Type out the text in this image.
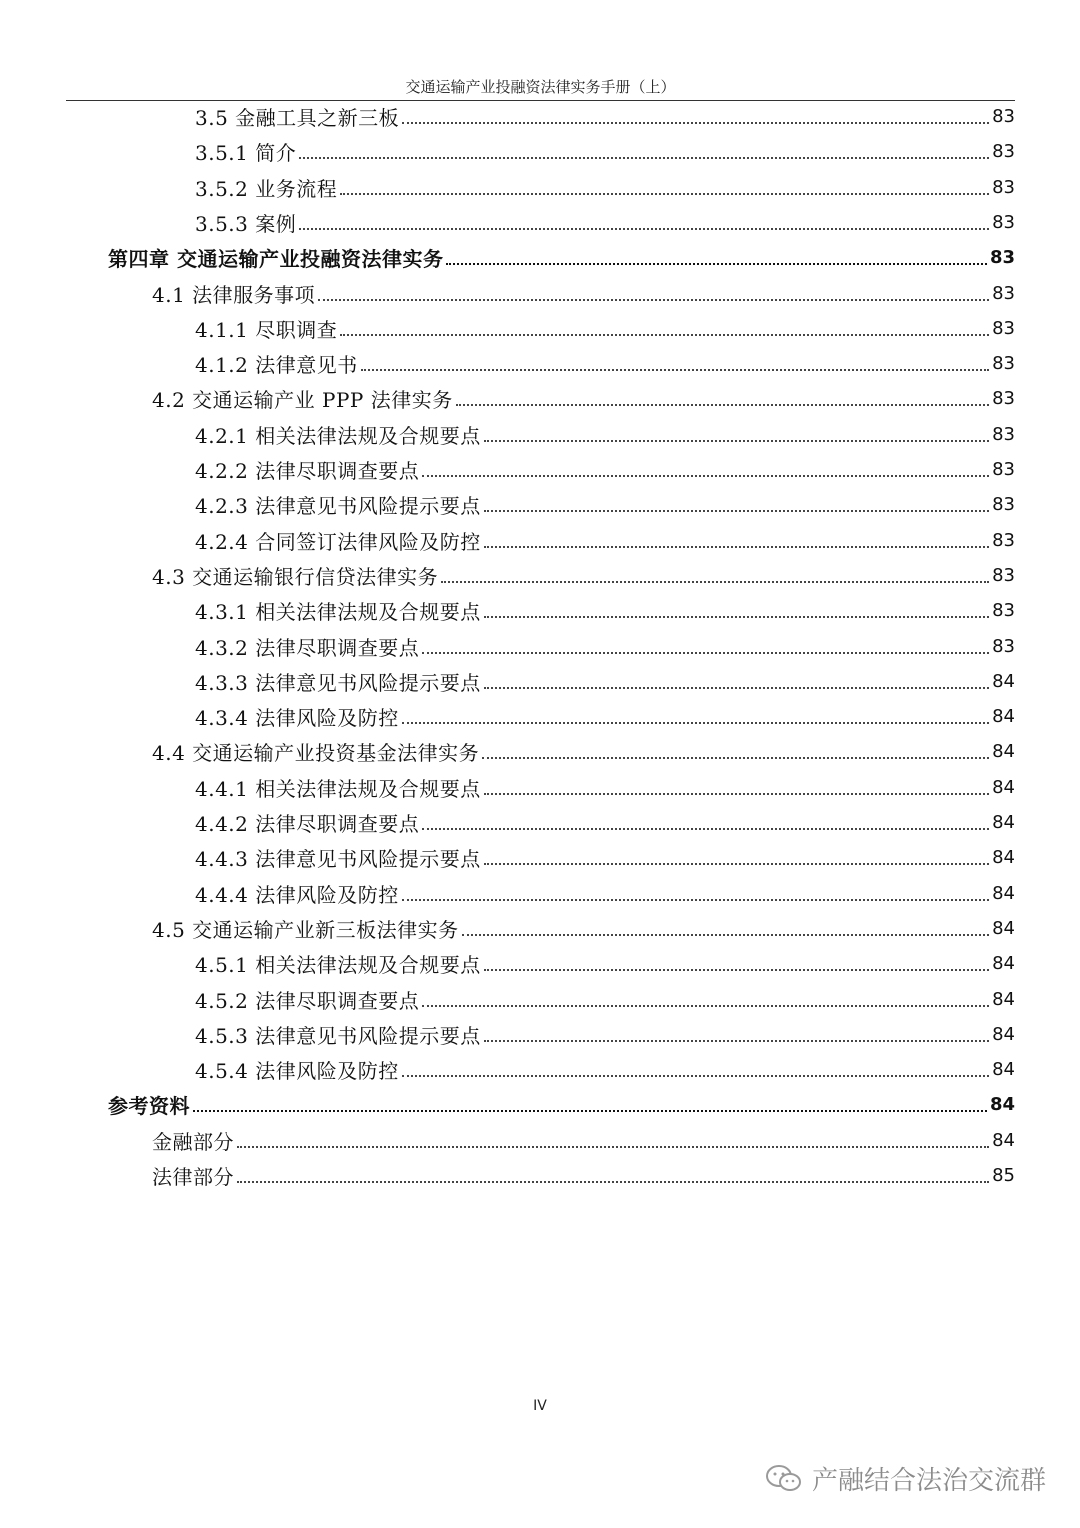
交通运输产业投融资法律实务手册（上）
3.5 金融工具之新三板	83
3.5.1 简介	83
3.5.2 业务流程	83
3.5.3 案例	83
第四章 交通运输产业投融资法律实务	83
4.1 法律服务事项	83
4.1.1 尽职调查	83
4.1.2 法律意见书	83
4.2 交通运输产业 PPP 法律实务	83
4.2.1 相关法律法规及合规要点	83
4.2.2 法律尽职调查要点	83
4.2.3 法律意见书风险提示要点	83
4.2.4 合同签订法律风险及防控	83
4.3 交通运输银行信贷法律实务	83
4.3.1 相关法律法规及合规要点	83
4.3.2 法律尽职调查要点	83
4.3.3 法律意见书风险提示要点	84
4.3.4 法律风险及防控	84
4.4 交通运输产业投资基金法律实务	84
4.4.1 相关法律法规及合规要点	84
4.4.2 法律尽职调查要点	84
4.4.3 法律意见书风险提示要点	84
4.4.4 法律风险及防控	84
4.5 交通运输产业新三板法律实务	84
4.5.1 相关法律法规及合规要点	84
4.5.2 法律尽职调查要点	84
4.5.3 法律意见书风险提示要点	84
4.5.4 法律风险及防控	84
参考资料	84
金融部分	84
法律部分	85
IV
产融结合法治交流群
